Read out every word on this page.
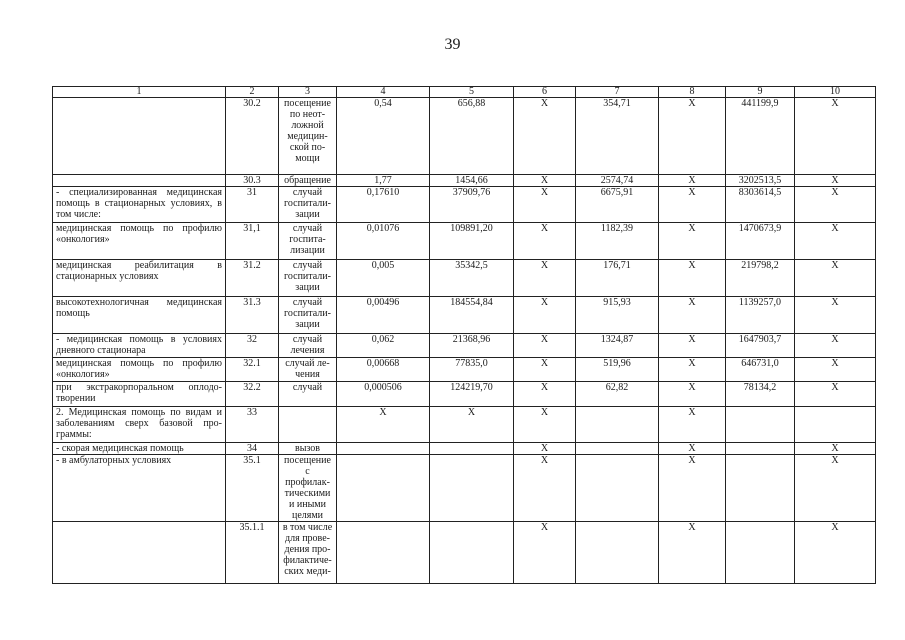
39
1	2	3	4	5	6	7	8	9	10
	30.2	посещение по неот-ложной медицин-ской по-мощи	0,54	656,88	X	354,71	X	441199,9	X
	30.3	обращение	1,77	1454,66	X	2574,74	X	3202513,5	X
- специализированная медицинская помощь в стационарных условиях, в том числе:	31	случай госпитали-зации	0,17610	37909,76	X	6675,91	X	8303614,5	X
медицинская помощь по профилю «онкология»	31,1	случай госпита-лизации	0,01076	109891,20	X	1182,39	X	1470673,9	X
медицинская реабилитация в стационарных условиях	31.2	случай госпитали-зации	0,005	35342,5	X	176,71	X	219798,2	X
высокотехнологичная медицинская помощь	31.3	случай госпитали-зации	0,00496	184554,84	X	915,93	X	1139257,0	X
- медицинская помощь в условиях дневного стационара	32	случай лечения	0,062	21368,96	X	1324,87	X	1647903,7	X
медицинская помощь по профилю «онкология»	32.1	случай ле-чения	0,00668	77835,0	X	519,96	X	646731,0	X
при экстракорпоральном оплодо-творении	32.2	случай	0,000506	124219,70	X	62,82	X	78134,2	X
2. Медицинская помощь по видам и заболеваниям сверх базовой про-граммы:	33		X	X	X		X		
- скорая медицинская помощь	34	вызов			X		X		X
- в амбулаторных условиях	35.1	посещение с профилак-тическими и иными целями			X		X		X
	35.1.1	в том числе для прове-дения про-филактиче-ских меди-			X		X		X
